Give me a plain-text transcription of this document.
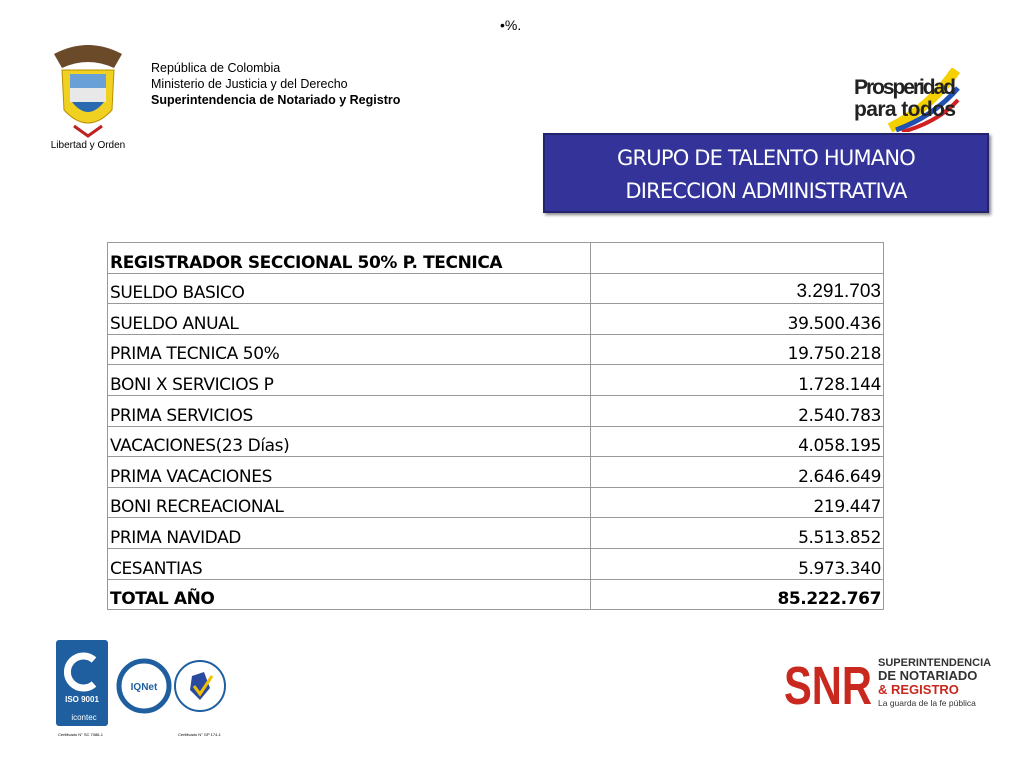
•%.
Libertad y Orden
República de Colombia
Ministerio de Justicia y del Derecho
Superintendencia de Notariado y Registro
Prosperidad
para todos
GRUPO DE TALENTO HUMANO
DIRECCION ADMINISTRATIVA
REGISTRADOR SECCIONAL 50% P. TECNICA	
SUELDO BASICO	3.291.703
SUELDO ANUAL	39.500.436
PRIMA TECNICA 50%	19.750.218
BONI X SERVICIOS P	1.728.144
PRIMA SERVICIOS	2.540.783
VACACIONES(23 Días)	4.058.195
PRIMA VACACIONES	2.646.649
BONI RECREACIONAL	219.447
PRIMA NAVIDAD	5.513.852
CESANTIAS	5.973.340
TOTAL AÑO	85.222.767
ISO 9001
icontec
IQNet
Certificado N° SC 7086-1	Certificado N° GP 174-1
SNR SUPERINTENDENCIA
DE NOTARIADO
& REGISTRO
La guarda de la fe pública
